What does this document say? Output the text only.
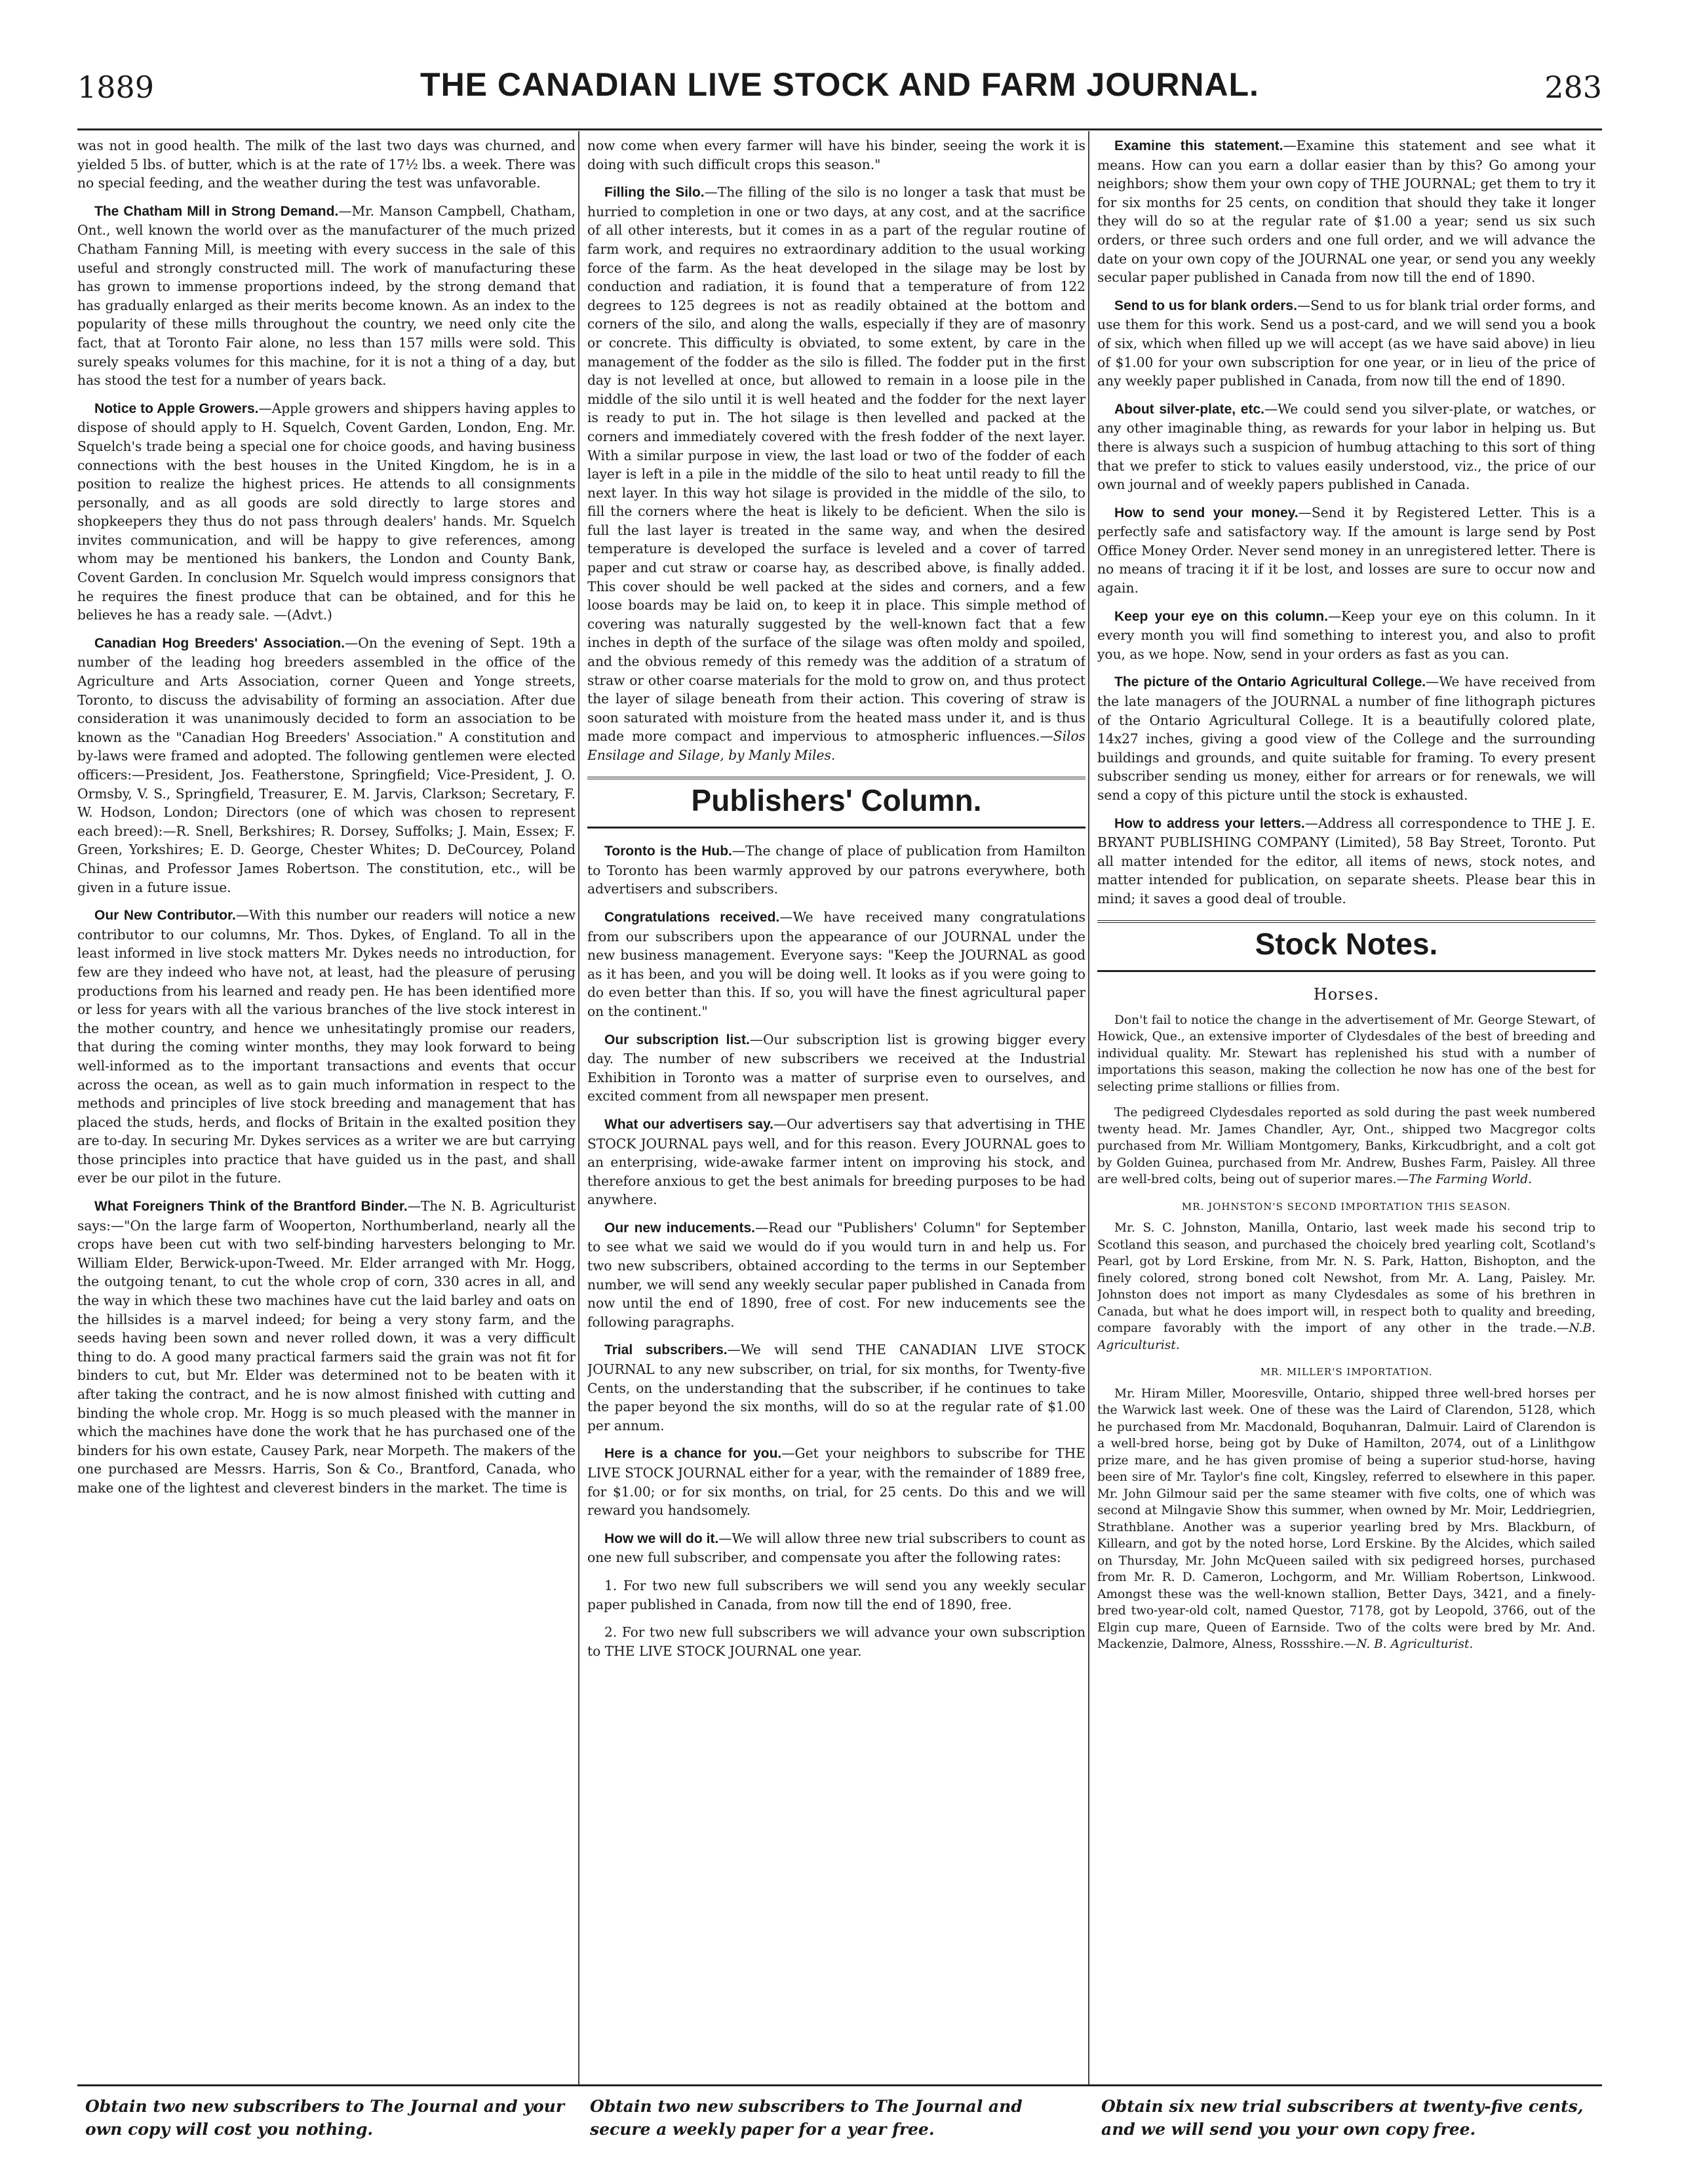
1889	THE CANADIAN LIVE STOCK AND FARM JOURNAL.	283

was not in good health. The milk of the last two days was churned, and yielded 5 lbs. of butter, which is at the rate of 17½ lbs. a week. There was no special feeding, and the weather during the test was unfavorable.

The Chatham Mill in Strong Demand.—Mr. Manson Campbell, Chatham, Ont., well known the world over as the manufacturer of the much prized Chatham Fanning Mill, is meeting with every success in the sale of this useful and strongly constructed mill. The work of manufacturing these has grown to immense proportions indeed, by the strong demand that has gradually enlarged as their merits become known. As an index to the popularity of these mills throughout the country, we need only cite the fact, that at Toronto Fair alone, no less than 157 mills were sold. This surely speaks volumes for this machine, for it is not a thing of a day, but has stood the test for a number of years back.

Notice to Apple Growers.—Apple growers and shippers having apples to dispose of should apply to H. Squelch, Covent Garden, London, Eng. Mr. Squelch's trade being a special one for choice goods, and having business connections with the best houses in the United Kingdom, he is in a position to realize the highest prices. He attends to all consignments personally, and as all goods are sold directly to large stores and shopkeepers they thus do not pass through dealers' hands. Mr. Squelch invites communication, and will be happy to give references, among whom may be mentioned his bankers, the London and County Bank, Covent Garden. In conclusion Mr. Squelch would impress consignors that he requires the finest produce that can be obtained, and for this he believes he has a ready sale. —(Advt.)

Canadian Hog Breeders' Association.—On the evening of Sept. 19th a number of the leading hog breeders assembled in the office of the Agriculture and Arts Association, corner Queen and Yonge streets, Toronto, to discuss the advisability of forming an association. After due consideration it was unanimously decided to form an association to be known as the "Canadian Hog Breeders' Association." A constitution and by-laws were framed and adopted. The following gentlemen were elected officers:—President, Jos. Featherstone, Springfield; Vice-President, J. O. Ormsby, V. S., Springfield, Treasurer, E. M. Jarvis, Clarkson; Secretary, F. W. Hodson, London; Directors (one of which was chosen to represent each breed):—R. Snell, Berkshires; R. Dorsey, Suffolks; J. Main, Essex; F. Green, Yorkshires; E. D. George, Chester Whites; D. DeCourcey, Poland Chinas, and Professor James Robertson. The constitution, etc., will be given in a future issue.

Our New Contributor.—With this number our readers will notice a new contributor to our columns, Mr. Thos. Dykes, of England. To all in the least informed in live stock matters Mr. Dykes needs no introduction, for few are they indeed who have not, at least, had the pleasure of perusing productions from his learned and ready pen. He has been identified more or less for years with all the various branches of the live stock interest in the mother country, and hence we unhesitatingly promise our readers, that during the coming winter months, they may look forward to being well-informed as to the important transactions and events that occur across the ocean, as well as to gain much information in respect to the methods and principles of live stock breeding and management that has placed the studs, herds, and flocks of Britain in the exalted position they are to-day. In securing Mr. Dykes services as a writer we are but carrying those principles into practice that have guided us in the past, and shall ever be our pilot in the future.

What Foreigners Think of the Brantford Binder.—The N. B. Agriculturist says:—"On the large farm of Wooperton, Northumberland, nearly all the crops have been cut with two self-binding harvesters belonging to Mr. William Elder, Berwick-upon-Tweed. Mr. Elder arranged with Mr. Hogg, the outgoing tenant, to cut the whole crop of corn, 330 acres in all, and the way in which these two machines have cut the laid barley and oats on the hillsides is a marvel indeed; for being a very stony farm, and the seeds having been sown and never rolled down, it was a very difficult thing to do. A good many practical farmers said the grain was not fit for binders to cut, but Mr. Elder was determined not to be beaten with it after taking the contract, and he is now almost finished with cutting and binding the whole crop. Mr. Hogg is so much pleased with the manner in which the machines have done the work that he has purchased one of the binders for his own estate, Causey Park, near Morpeth. The makers of the one purchased are Messrs. Harris, Son & Co., Brantford, Canada, who make one of the lightest and cleverest binders in the market. The time is

now come when every farmer will have his binder, seeing the work it is doing with such difficult crops this season."

Filling the Silo.—The filling of the silo is no longer a task that must be hurried to completion in one or two days, at any cost, and at the sacrifice of all other interests, but it comes in as a part of the regular routine of farm work, and requires no extraordinary addition to the usual working force of the farm. As the heat developed in the silage may be lost by conduction and radiation, it is found that a temperature of from 122 degrees to 125 degrees is not as readily obtained at the bottom and corners of the silo, and along the walls, especially if they are of masonry or concrete. This difficulty is obviated, to some extent, by care in the management of the fodder as the silo is filled. The fodder put in the first day is not levelled at once, but allowed to remain in a loose pile in the middle of the silo until it is well heated and the fodder for the next layer is ready to put in. The hot silage is then levelled and packed at the corners and immediately covered with the fresh fodder of the next layer. With a similar purpose in view, the last load or two of the fodder of each layer is left in a pile in the middle of the silo to heat until ready to fill the next layer. In this way hot silage is provided in the middle of the silo, to fill the corners where the heat is likely to be deficient. When the silo is full the last layer is treated in the same way, and when the desired temperature is developed the surface is leveled and a cover of tarred paper and cut straw or coarse hay, as described above, is finally added. This cover should be well packed at the sides and corners, and a few loose boards may be laid on, to keep it in place. This simple method of covering was naturally suggested by the well-known fact that a few inches in depth of the surface of the silage was often moldy and spoiled, and the obvious remedy of this remedy was the addition of a stratum of straw or other coarse materials for the mold to grow on, and thus protect the layer of silage beneath from their action. This covering of straw is soon saturated with moisture from the heated mass under it, and is thus made more compact and impervious to atmospheric influences.—Silos Ensilage and Silage, by Manly Miles.

Publishers' Column.

Toronto is the Hub.—The change of place of publication from Hamilton to Toronto has been warmly approved by our patrons everywhere, both advertisers and subscribers.

Congratulations received.—We have received many congratulations from our subscribers upon the appearance of our JOURNAL under the new business management. Everyone says: "Keep the JOURNAL as good as it has been, and you will be doing well. It looks as if you were going to do even better than this. If so, you will have the finest agricultural paper on the continent."

Our subscription list.—Our subscription list is growing bigger every day. The number of new subscribers we received at the Industrial Exhibition in Toronto was a matter of surprise even to ourselves, and excited comment from all newspaper men present.

What our advertisers say.—Our advertisers say that advertising in THE STOCK JOURNAL pays well, and for this reason. Every JOURNAL goes to an enterprising, wide-awake farmer intent on improving his stock, and therefore anxious to get the best animals for breeding purposes to be had anywhere.

Our new inducements.—Read our "Publishers' Column" for September to see what we said we would do if you would turn in and help us. For two new subscribers, obtained according to the terms in our September number, we will send any weekly secular paper published in Canada from now until the end of 1890, free of cost. For new inducements see the following paragraphs.

Trial subscribers.—We will send THE CANADIAN LIVE STOCK JOURNAL to any new subscriber, on trial, for six months, for Twenty-five Cents, on the understanding that the subscriber, if he continues to take the paper beyond the six months, will do so at the regular rate of $1.00 per annum.

Here is a chance for you.—Get your neighbors to subscribe for THE LIVE STOCK JOURNAL either for a year, with the remainder of 1889 free, for $1.00; or for six months, on trial, for 25 cents. Do this and we will reward you handsomely.

How we will do it.—We will allow three new trial subscribers to count as one new full subscriber, and compensate you after the following rates:

1. For two new full subscribers we will send you any weekly secular paper published in Canada, from now till the end of 1890, free.

2. For two new full subscribers we will advance your own subscription to THE LIVE STOCK JOURNAL one year.

Examine this statement.—Examine this statement and see what it means. How can you earn a dollar easier than by this? Go among your neighbors; show them your own copy of THE JOURNAL; get them to try it for six months for 25 cents, on condition that should they take it longer they will do so at the regular rate of $1.00 a year; send us six such orders, or three such orders and one full order, and we will advance the date on your own copy of the JOURNAL one year, or send you any weekly secular paper published in Canada from now till the end of 1890.

Send to us for blank orders.—Send to us for blank trial order forms, and use them for this work. Send us a post-card, and we will send you a book of six, which when filled up we will accept (as we have said above) in lieu of $1.00 for your own subscription for one year, or in lieu of the price of any weekly paper published in Canada, from now till the end of 1890.

About silver-plate, etc.—We could send you silver-plate, or watches, or any other imaginable thing, as rewards for your labor in helping us. But there is always such a suspicion of humbug attaching to this sort of thing that we prefer to stick to values easily understood, viz., the price of our own journal and of weekly papers published in Canada.

How to send your money.—Send it by Registered Letter. This is a perfectly safe and satisfactory way. If the amount is large send by Post Office Money Order. Never send money in an unregistered letter. There is no means of tracing it if it be lost, and losses are sure to occur now and again.

Keep your eye on this column.—Keep your eye on this column. In it every month you will find something to interest you, and also to profit you, as we hope. Now, send in your orders as fast as you can.

The picture of the Ontario Agricultural College.—We have received from the late managers of the JOURNAL a number of fine lithograph pictures of the Ontario Agricultural College. It is a beautifully colored plate, 14x27 inches, giving a good view of the College and the surrounding buildings and grounds, and quite suitable for framing. To every present subscriber sending us money, either for arrears or for renewals, we will send a copy of this picture until the stock is exhausted.

How to address your letters.—Address all correspondence to THE J. E. BRYANT PUBLISHING COMPANY (Limited), 58 Bay Street, Toronto. Put all matter intended for the editor, all items of news, stock notes, and matter intended for publication, on separate sheets. Please bear this in mind; it saves a good deal of trouble.

Stock Notes.
Horses.

Don't fail to notice the change in the advertisement of Mr. George Stewart, of Howick, Que., an extensive importer of Clydesdales of the best of breeding and individual quality. Mr. Stewart has replenished his stud with a number of importations this season, making the collection he now has one of the best for selecting prime stallions or fillies from.

The pedigreed Clydesdales reported as sold during the past week numbered twenty head. Mr. James Chandler, Ayr, Ont., shipped two Macgregor colts purchased from Mr. William Montgomery, Banks, Kirkcudbright, and a colt got by Golden Guinea, purchased from Mr. Andrew, Bushes Farm, Paisley. All three are well-bred colts, being out of superior mares.—The Farming World.

MR. JOHNSTON'S SECOND IMPORTATION THIS SEASON.

Mr. S. C. Johnston, Manilla, Ontario, last week made his second trip to Scotland this season, and purchased the choicely bred yearling colt, Scotland's Pearl, got by Lord Erskine, from Mr. N. S. Park, Hatton, Bishopton, and the finely colored, strong boned colt Newshot, from Mr. A. Lang, Paisley. Mr. Johnston does not import as many Clydesdales as some of his brethren in Canada, but what he does import will, in respect both to quality and breeding, compare favorably with the import of any other in the trade.—N.B. Agriculturist.

MR. MILLER'S IMPORTATION.

Mr. Hiram Miller, Mooresville, Ontario, shipped three well-bred horses per the Warwick last week. One of these was the Laird of Clarendon, 5128, which he purchased from Mr. Macdonald, Boquhanran, Dalmuir. Laird of Clarendon is a well-bred horse, being got by Duke of Hamilton, 2074, out of a Linlithgow prize mare, and he has given promise of being a superior stud-horse, having been sire of Mr. Taylor's fine colt, Kingsley, referred to elsewhere in this paper. Mr. John Gilmour said per the same steamer with five colts, one of which was second at Milngavie Show this summer, when owned by Mr. Moir, Leddriegrien, Strathblane. Another was a superior yearling bred by Mrs. Blackburn, of Killearn, and got by the noted horse, Lord Erskine. By the Alcides, which sailed on Thursday, Mr. John McQueen sailed with six pedigreed horses, purchased from Mr. R. D. Cameron, Lochgorm, and Mr. William Robertson, Linkwood. Amongst these was the well-known stallion, Better Days, 3421, and a finely-bred two-year-old colt, named Questor, 7178, got by Leopold, 3766, out of the Elgin cup mare, Queen of Earnside. Two of the colts were bred by Mr. And. Mackenzie, Dalmore, Alness, Rossshire.—N. B. Agriculturist.

Obtain two new subscribers to The Journal and your own copy will cost you nothing.
Obtain two new subscribers to The Journal and secure a weekly paper for a year free.
Obtain six new trial subscribers at twenty-five cents, and we will send you your own copy free.
